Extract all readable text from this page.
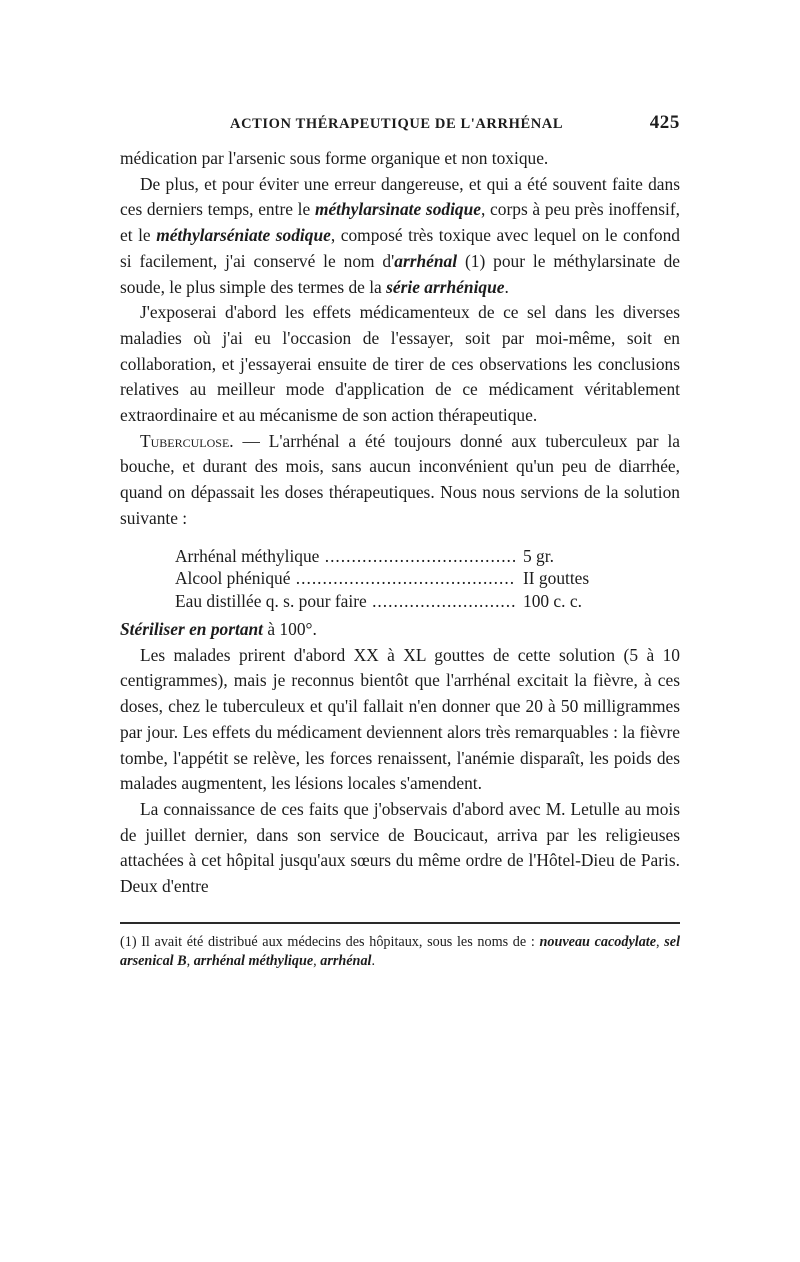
ACTION THÉRAPEUTIQUE DE L'ARRHÉNAL	425

médication par l'arsenic sous forme organique et non toxique.

De plus, et pour éviter une erreur dangereuse, et qui a été souvent faite dans ces derniers temps, entre le méthylarsinate sodique, corps à peu près inoffensif, et le méthylarséniate sodique, composé très toxique avec lequel on le confond si facilement, j'ai conservé le nom d'arrhénal (1) pour le méthylarsinate de soude, le plus simple des termes de la série arrhénique.

J'exposerai d'abord les effets médicamenteux de ce sel dans les diverses maladies où j'ai eu l'occasion de l'essayer, soit par moi-même, soit en collaboration, et j'essayerai ensuite de tirer de ces observations les conclusions relatives au meilleur mode d'application de ce médicament véritablement extraordinaire et au mécanisme de son action thérapeutique.

Tuberculose. — L'arrhénal a été toujours donné aux tuberculeux par la bouche, et durant des mois, sans aucun inconvénient qu'un peu de diarrhée, quand on dépassait les doses thérapeutiques. Nous nous servions de la solution suivante :

Arrhénal méthylique .....	5 gr.
Alcool phéniqué .....	II gouttes
Eau distillée q. s. pour faire .....	100 c. c.

Stériliser en portant à 100°.

Les malades prirent d'abord XX à XL gouttes de cette solution (5 à 10 centigrammes), mais je reconnus bientôt que l'arrhénal excitait la fièvre, à ces doses, chez le tuberculeux et qu'il fallait n'en donner que 20 à 50 milligrammes par jour. Les effets du médicament deviennent alors très remarquables : la fièvre tombe, l'appétit se relève, les forces renaissent, l'anémie disparaît, les poids des malades augmentent, les lésions locales s'amendent.

La connaissance de ces faits que j'observais d'abord avec M. Letulle au mois de juillet dernier, dans son service de Boucicaut, arriva par les religieuses attachées à cet hôpital jusqu'aux sœurs du même ordre de l'Hôtel-Dieu de Paris. Deux d'entre

(1) Il avait été distribué aux médecins des hôpitaux, sous les noms de : nouveau cacodylate, sel arsenical B, arrhénal méthylique, arrhénal.
